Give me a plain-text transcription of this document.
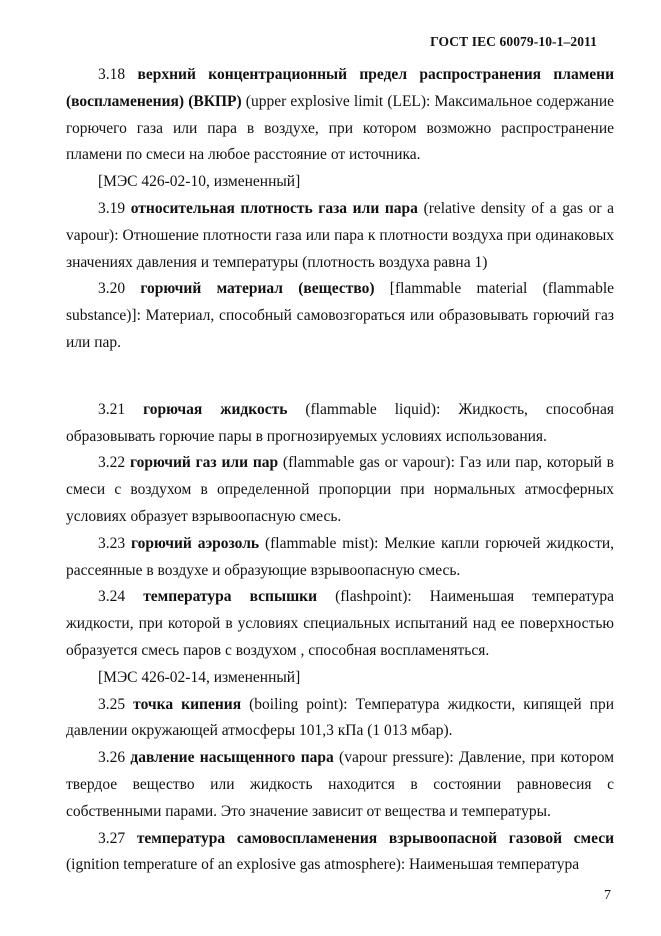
ГОСТ IEC 60079-10-1–2011

3.18 верхний концентрационный предел распространения пламени (воспламенения) (ВКПР) (upper explosive limit (LEL): Максимальное содержание горючего газа или пара в воздухе, при котором возможно распространение пламени по смеси на любое расстояние от источника.

[МЭС 426-02-10, измененный]

3.19 относительная плотность газа или пара (relative density of a gas or a vapour): Отношение плотности газа или пара к плотности воздуха при одинаковых значениях давления и температуры (плотность воздуха равна 1)

3.20 горючий материал (вещество) [flammable material (flammable substance)]: Материал, способный самовозгораться или образовывать горючий газ или пар.

3.21 горючая жидкость (flammable liquid): Жидкость, способная образовывать горючие пары в прогнозируемых условиях использования.

3.22 горючий газ или пар (flammable gas or vapour): Газ или пар, который в смеси с воздухом в определенной пропорции при нормальных атмосферных условиях образует взрывоопасную смесь.

3.23 горючий аэрозоль (flammable mist): Мелкие капли горючей жидкости, рассеянные в воздухе и образующие взрывоопасную смесь.

3.24 температура вспышки (flashpoint): Наименьшая температура жидкости, при которой в условиях специальных испытаний над ее поверхностью образуется смесь паров с воздухом , способная воспламеняться.

[МЭС 426-02-14, измененный]

3.25 точка кипения (boiling point): Температура жидкости, кипящей при давлении окружающей атмосферы 101,3 кПа (1 013 мбар).

3.26 давление насыщенного пара (vapour pressure): Давление, при котором твердое вещество или жидкость находится в состоянии равновесия с собственными парами. Это значение зависит от вещества и температуры.

3.27 температура самовоспламенения взрывоопасной газовой смеси (ignition temperature of an explosive gas atmosphere): Наименьшая температура

7
